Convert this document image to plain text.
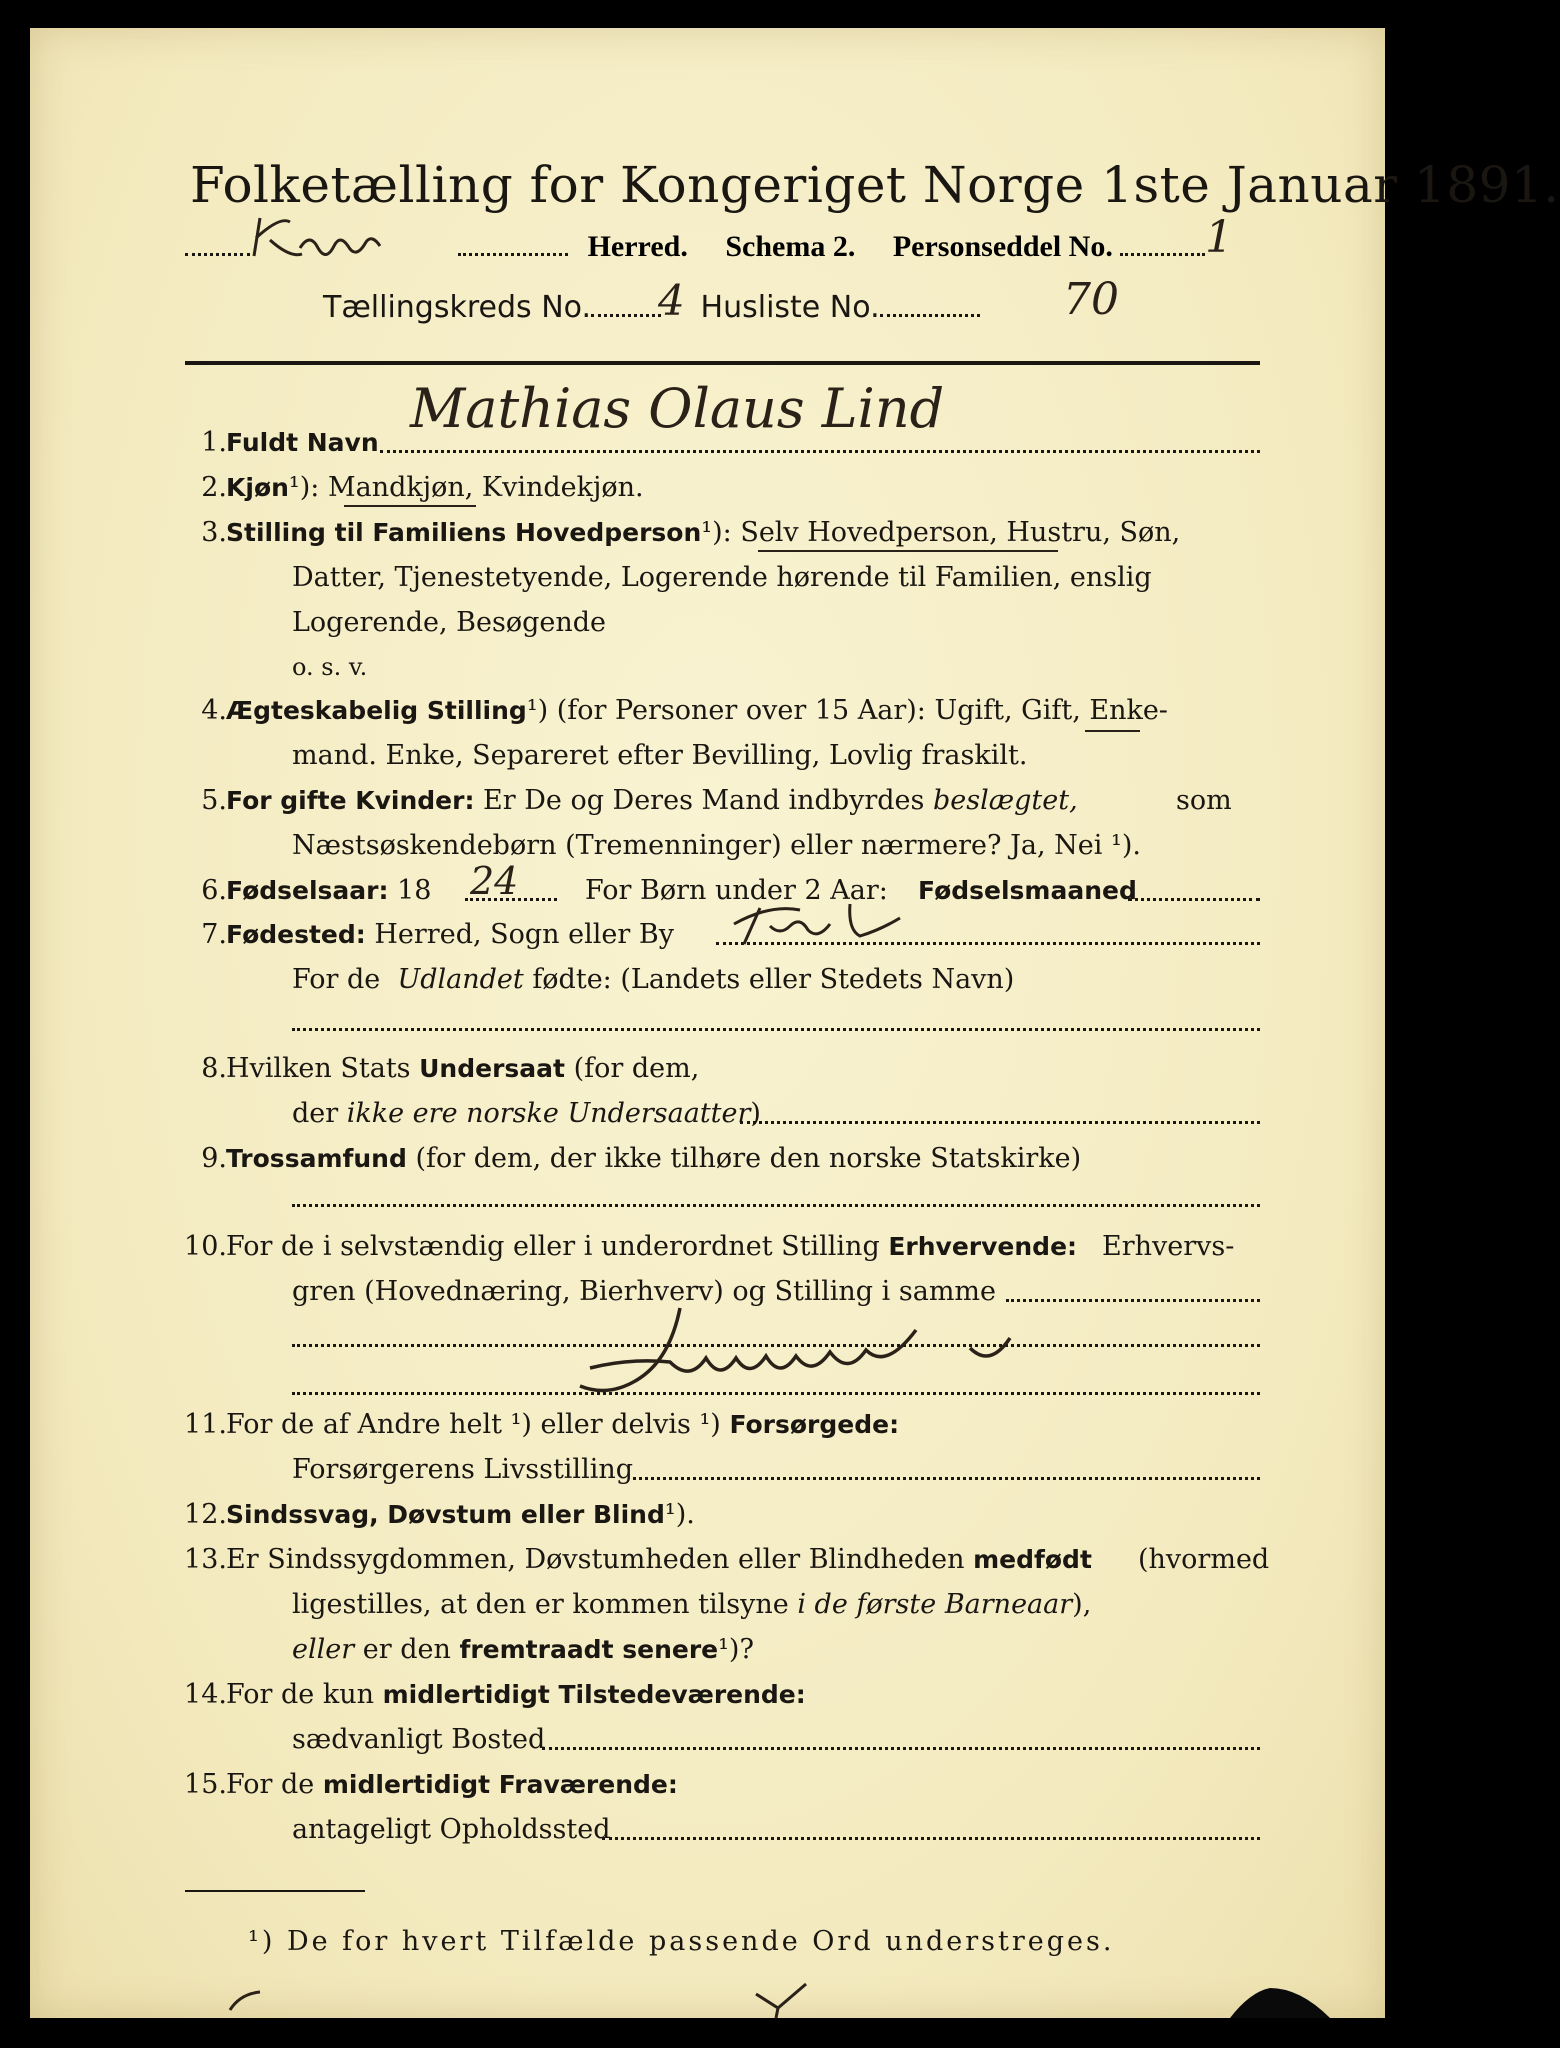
Folketælling for Kongeriget Norge 1ste Januar 1891.

Herred. Schema 2. Personseddel No. 1
Tællingskreds No. 4 Husliste No.	70
1. Fuldt Navn
Mathias Olaus Lind
2. Kjøn¹): Mandkjøn, Kvindekjøn.
3. Stilling til Familiens Hovedperson¹): Selv Hovedperson, Hustru, Søn,
Datter, Tjenestetyende, Logerende hørende til Familien, enslig
Logerende, Besøgende
o. s. v.
4. Ægteskabelig Stilling¹) (for Personer over 15 Aar): Ugift, Gift, Enke-
mand. Enke, Separeret efter Bevilling, Lovlig fraskilt.
5. For gifte Kvinder: Er De og Deres Mand indbyrdes beslægtet,	som
Næstsøskendebørn (Tremenninger) eller nærmere? Ja, Nei ¹).
6. Fødselsaar: 18 24 For Børn under 2 Aar: Fødselsmaaned
7. Fødested: Herred, Sogn eller By
For de Udlandet fødte: (Landets eller Stedets Navn)
8. Hvilken Stats Undersaat (for dem,
der ikke ere norske Undersaatter)
9. Trossamfund (for dem, der ikke tilhøre den norske Statskirke)
10. For de i selvstændig eller i underordnet Stilling Erhvervende: Erhvervs-
gren (Hovednæring, Bierhverv) og Stilling i samme
11. For de af Andre helt ¹) eller delvis ¹) Forsørgede:
Forsørgerens Livsstilling
12. Sindssvag, Døvstum eller Blind¹).
13. Er Sindssygdommen, Døvstumheden eller Blindheden medfødt (hvormed
ligestilles, at den er kommen tilsyne i de første Barneaar),
eller er den fremtraadt senere¹)?
14. For de kun midlertidigt Tilstedeværende:
sædvanligt Bosted
15. For de midlertidigt Fraværende:
antageligt Opholdssted
¹) De for hvert Tilfælde passende Ord understreges.
